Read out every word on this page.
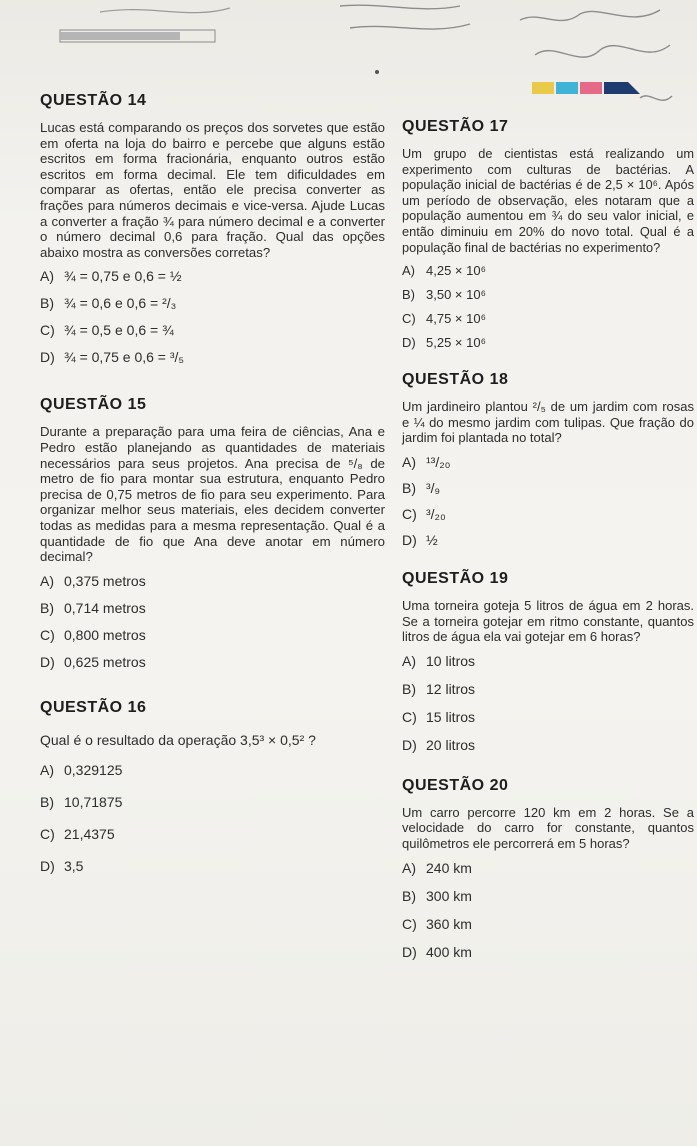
QUESTÃO 14

Lucas está comparando os preços dos sorvetes que estão em oferta na loja do bairro e percebe que alguns estão escritos em forma fracionária, enquanto outros estão escritos em forma decimal. Ele tem dificuldades em comparar as ofertas, então ele precisa converter as frações para números decimais e vice-versa. Ajude Lucas a converter a fração ¾ para número decimal e a converter o número decimal 0,6 para fração. Qual das opções abaixo mostra as conversões corretas?

A) ¾ = 0,75 e 0,6 = ½
B) ¾ = 0,6 e 0,6 = ²/₃
C) ¾ = 0,5 e 0,6 = ¾
D) ¾ = 0,75 e 0,6 = ³/₅
QUESTÃO 15

Durante a preparação para uma feira de ciências, Ana e Pedro estão planejando as quantidades de materiais necessários para seus projetos. Ana precisa de ⁵/₈ de metro de fio para montar sua estrutura, enquanto Pedro precisa de 0,75 metros de fio para seu experimento. Para organizar melhor seus materiais, eles decidem converter todas as medidas para a mesma representação. Qual é a quantidade de fio que Ana deve anotar em número decimal?

A) 0,375 metros
B) 0,714 metros
C) 0,800 metros
D) 0,625 metros
QUESTÃO 16

Qual é o resultado da operação 3,5³ × 0,5² ?

A) 0,329125
B) 10,71875
C) 21,4375
D) 3,5
QUESTÃO 17

Um grupo de cientistas está realizando um experimento com culturas de bactérias. A população inicial de bactérias é de 2,5 × 10⁶. Após um período de observação, eles notaram que a população aumentou em ¾ do seu valor inicial, e então diminuiu em 20% do novo total. Qual é a população final de bactérias no experimento?

A) 4,25 × 10⁶
B) 3,50 × 10⁶
C) 4,75 × 10⁶
D) 5,25 × 10⁶
QUESTÃO 18

Um jardineiro plantou ²/₅ de um jardim com rosas e ¼ do mesmo jardim com tulipas. Que fração do jardim foi plantada no total?

A) ¹³/₂₀
B) ³/₉
C) ³/₂₀
D) ½
QUESTÃO 19

Uma torneira goteja 5 litros de água em 2 horas. Se a torneira gotejar em ritmo constante, quantos litros de água ela vai gotejar em 6 horas?

A) 10 litros
B) 12 litros
C) 15 litros
D) 20 litros
QUESTÃO 20

Um carro percorre 120 km em 2 horas. Se a velocidade do carro for constante, quantos quilômetros ele percorrerá em 5 horas?

A) 240 km
B) 300 km
C) 360 km
D) 400 km
